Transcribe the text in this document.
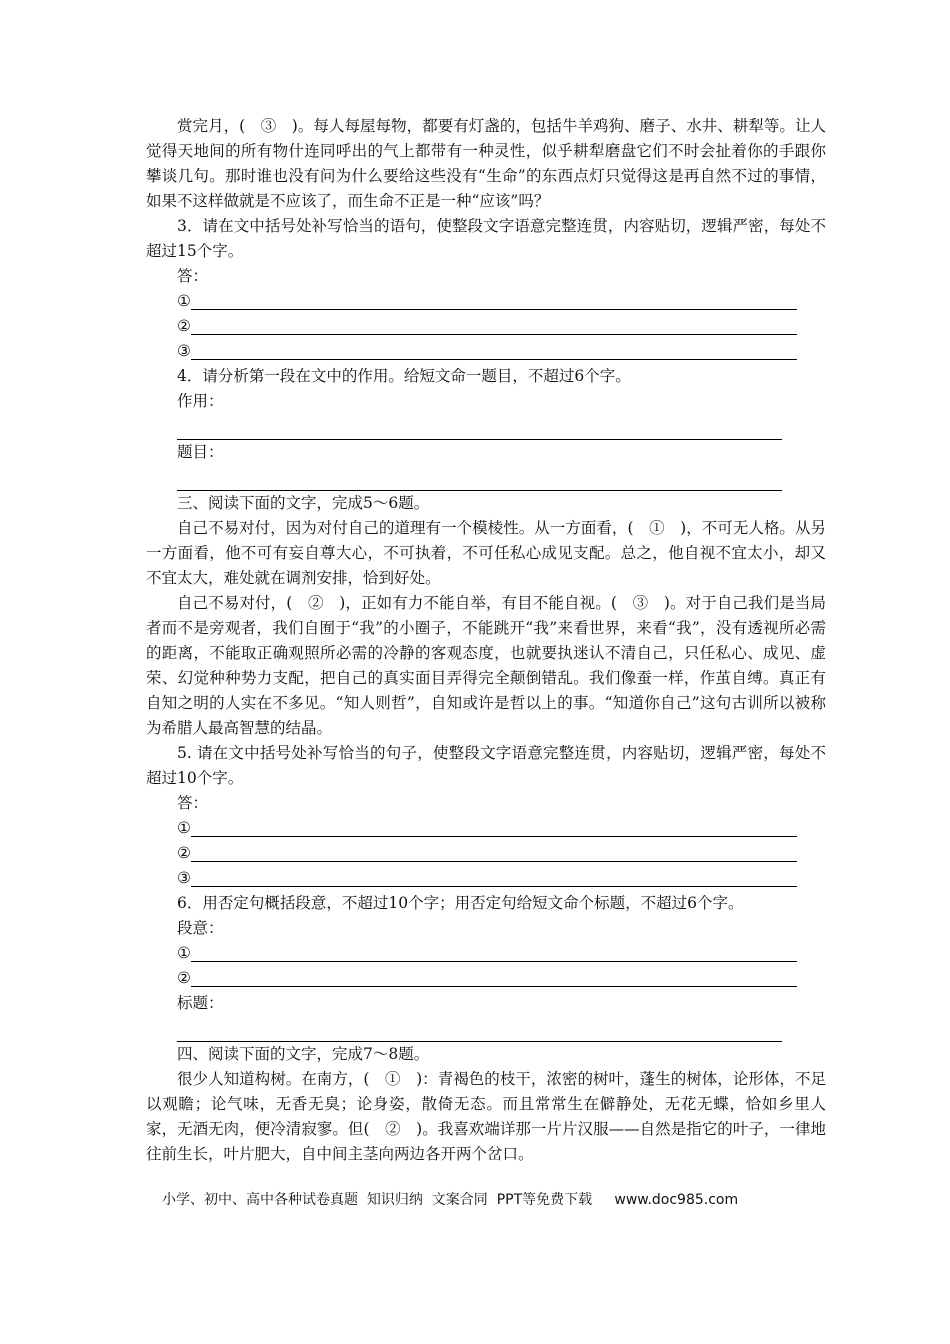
赏完月，(　③　)。每人每屋每物，都要有灯盏的，包括牛羊鸡狗、磨子、水井、耕犁等。让人觉得天地间的所有物什连同呼出的气上都带有一种灵性，似乎耕犁磨盘它们不时会扯着你的手跟你攀谈几句。那时谁也没有问为什么要给这些没有“生命”的东西点灯只觉得这是再自然不过的事情，如果不这样做就是不应该了，而生命不正是一种“应该”吗？

3．请在文中括号处补写恰当的语句，使整段文字语意完整连贯，内容贴切，逻辑严密，每处不超过15个字。

答：

①
②
③

4．请分析第一段在文中的作用。给短文命一题目，不超过6个字。

作用：

题目：

三、阅读下面的文字，完成5～6题。

自己不易对付，因为对付自己的道理有一个模棱性。从一方面看，(　①　)，不可无人格。从另一方面看，他不可有妄自尊大心，不可执着，不可任私心成见支配。总之，他自视不宜太小，却又不宜太大，难处就在调剂安排，恰到好处。

自己不易对付，(　②　)，正如有力不能自举，有目不能自视。(　③　)。对于自己我们是当局者而不是旁观者，我们自囿于“我”的小圈子，不能跳开“我”来看世界，来看“我”，没有透视所必需的距离，不能取正确观照所必需的冷静的客观态度，也就要执迷认不清自己，只任私心、成见、虚荣、幻觉种种势力支配，把自己的真实面目弄得完全颠倒错乱。我们像蚕一样，作茧自缚。真正有自知之明的人实在不多见。“知人则哲”，自知或许是哲以上的事。“知道你自己”这句古训所以被称为希腊人最高智慧的结晶。

5. 请在文中括号处补写恰当的句子，使整段文字语意完整连贯，内容贴切，逻辑严密，每处不超过10个字。

答：

①
②
③

6．用否定句概括段意，不超过10个字；用否定句给短文命个标题，不超过6个字。

段意：

①
②

标题：

四、阅读下面的文字，完成7～8题。

很少人知道构树。在南方，(　①　)：青褐色的枝干，浓密的树叶，蓬生的树体，论形体，不足以观瞻；论气味，无香无臭；论身姿，散倚无态。而且常常生在僻静处，无花无蝶，恰如乡里人家，无酒无肉，便冷清寂寥。但(　②　)。我喜欢端详那一片片汉服——自然是指它的叶子，一律地往前生长，叶片肥大，自中间主茎向两边各开两个岔口。

小学、初中、高中各种试卷真题  知识归纳  文案合同  PPT等免费下载     www.doc985.com
